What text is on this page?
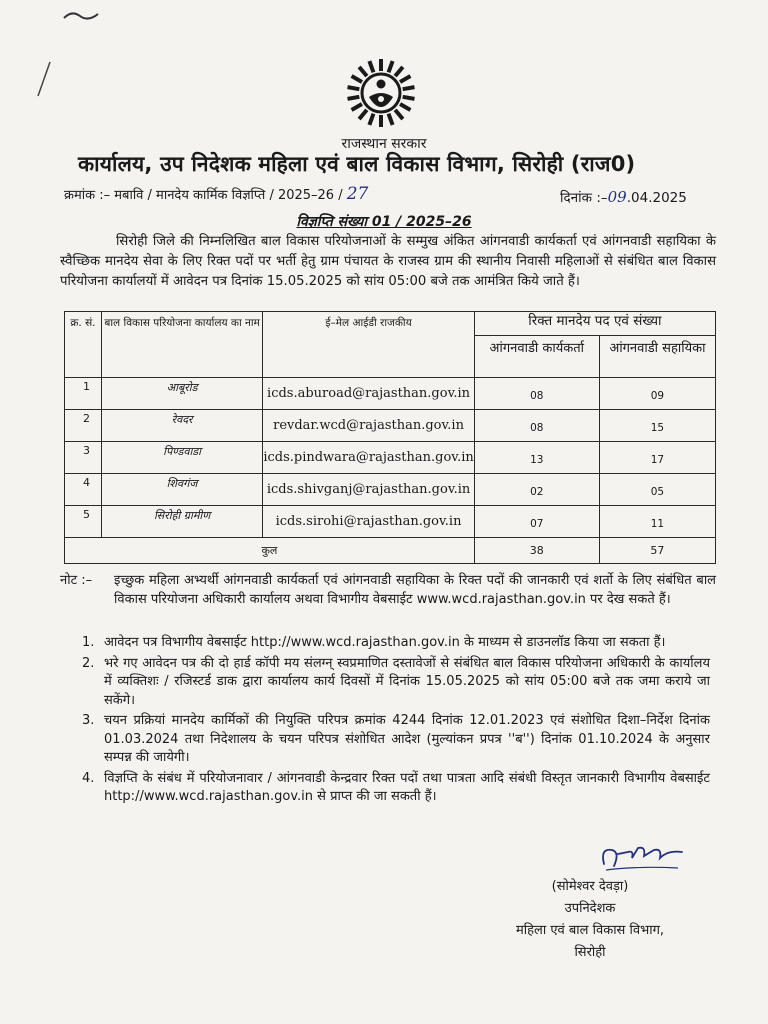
राजस्थान सरकार
कार्यालय, उप निदेशक महिला एवं बाल विकास विभाग, सिरोही (राज0)
क्रमांक :– मबावि / मानदेय कार्मिक विज्ञप्ति / 2025–26 / 27	दिनांक :–09.04.2025
विज्ञप्ति संख्या 01 / 2025–26
सिरोही जिले की निम्नलिखित बाल विकास परियोजनाओं के सम्मुख अंकित आंगनवाडी कार्यकर्ता एवं आंगनवाडी सहायिका के स्वैच्छिक मानदेय सेवा के लिए रिक्त पदों पर भर्ती हेतु ग्राम पंचायत के राजस्व ग्राम की स्थानीय निवासी महिलाओं से संबंधित बाल विकास परियोजना कार्यालयों में आवेदन पत्र दिनांक 15.05.2025 को सांय 05:00 बजे तक आमंत्रित किये जाते हैं।
क्र. सं.	बाल विकास परियोजना कार्यालय का नाम	ई–मेल आईडी राजकीय	रिक्त मानदेय पद एवं संख्या	
			आंगनवाडी कार्यकर्ता	आंगनवाडी सहायिका
1	आबूरोड	icds.aburoad@rajasthan.gov.in	08	09
2	रेवदर	revdar.wcd@rajasthan.gov.in	08	15
3	पिण्डवाडा	icds.pindwara@rajasthan.gov.in	13	17
4	शिवगंज	icds.shivganj@rajasthan.gov.in	02	05
5	सिरोही ग्रामीण	icds.sirohi@rajasthan.gov.in	07	11
कुल			38	57
नोट :– इच्छुक महिला अभ्यर्थी आंगनवाडी कार्यकर्ता एवं आंगनवाडी सहायिका के रिक्त पदों की जानकारी एवं शर्तो के लिए संबंधित बाल विकास परियोजना अधिकारी कार्यालय अथवा विभागीय वेबसाईट www.wcd.rajasthan.gov.in पर देख सकते हैं।
1. आवेदन पत्र विभागीय वेबसाईट http://www.wcd.rajasthan.gov.in के माध्यम से डाउनलॉड किया जा सकता हैं।
2. भरे गए आवेदन पत्र की दो हार्ड कॉपी मय संलग्न् स्वप्रमाणित दस्तावेजों से संबंधित बाल विकास परियोजना अधिकारी के कार्यालय में व्यक्तिशः / रजिस्टर्ड डाक द्वारा कार्यालय कार्य दिवसों में दिनांक 15.05.2025 को सांय 05:00 बजे तक जमा कराये जा सकेंगे।
3. चयन प्रक्रियां मानदेय कार्मिकों की नियुक्ति परिपत्र क्रमांक 4244 दिनांक 12.01.2023 एवं संशोधित दिशा–निर्देश दिनांक 01.03.2024 तथा निदेशालय के चयन परिपत्र संशोधित आदेश (मुल्यांकन प्रपत्र ''ब'') दिनांक 01.10.2024 के अनुसार सम्पन्न की जायेगी।
4. विज्ञप्ति के संबंध में परियोजनावार / आंगनवाडी केन्द्रवार रिक्त पदों तथा पात्रता आदि संबंधी विस्तृत जानकारी विभागीय वेबसाईट http://www.wcd.rajasthan.gov.in से प्राप्त की जा सकती हैं।
(सोमेश्वर देवड़ा)
उपनिदेशक
महिला एवं बाल विकास विभाग,
सिरोही
